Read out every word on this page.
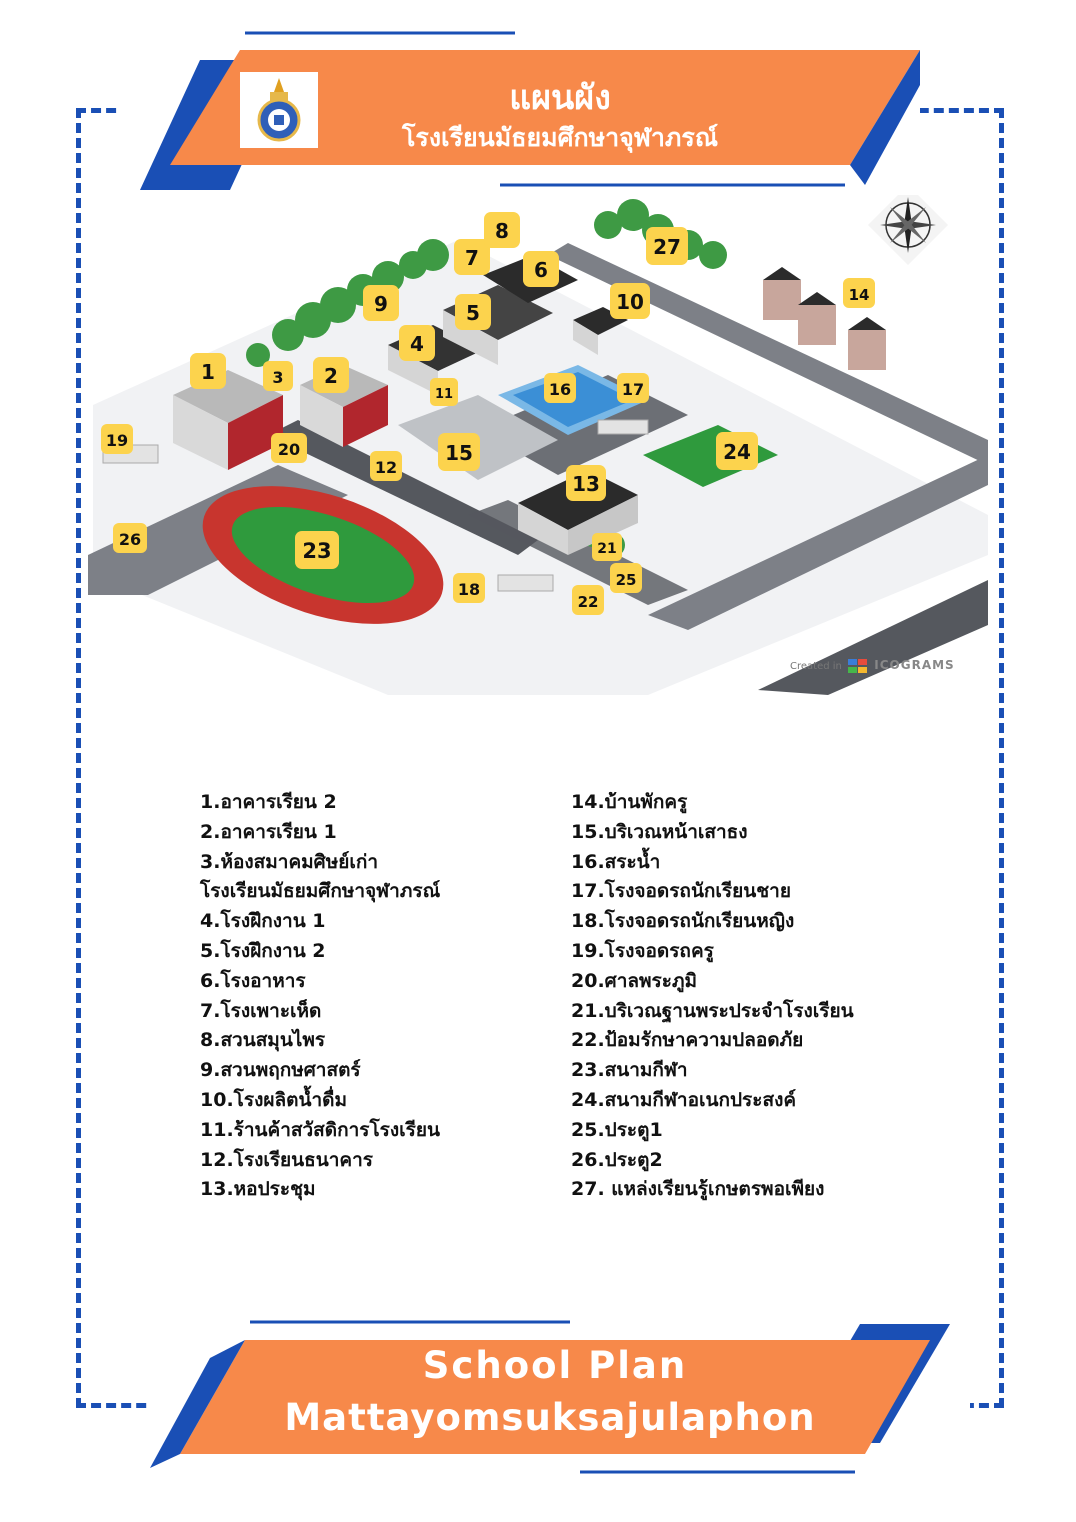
แผนผัง
โรงเรียนมัธยมศึกษาจุฬาภรณ์
1	2
3
4
5
6
7
8
9	10
11
12
13
14
15
16	17
18
19	20
21
22
23
24
25
26
27
Created in	ICOGRAMS
1.อาคารเรียน 2
2.อาคารเรียน 1
3.ห้องสมาคมศิษย์เก่า
โรงเรียนมัธยมศึกษาจุฬาภรณ์
4.โรงฝึกงาน 1
5.โรงฝึกงาน 2
6.โรงอาหาร
7.โรงเพาะเห็ด
8.สวนสมุนไพร
9.สวนพฤกษศาสตร์
10.โรงผลิตน้ำดื่ม
11.ร้านค้าสวัสดิการโรงเรียน
12.โรงเรียนธนาคาร
13.หอประชุม
14.บ้านพักครู
15.บริเวณหน้าเสาธง
16.สระน้ำ
17.โรงจอดรถนักเรียนชาย
18.โรงจอดรถนักเรียนหญิง
19.โรงจอดรถครู
20.ศาลพระภูมิ
21.บริเวณฐานพระประจำโรงเรียน
22.ป้อมรักษาความปลอดภัย
23.สนามกีฬา
24.สนามกีฬาอเนกประสงค์
25.ประตู1
26.ประตู2
27. แหล่งเรียนรู้เกษตรพอเพียง
School Plan
Mattayomsuksajulaphon
